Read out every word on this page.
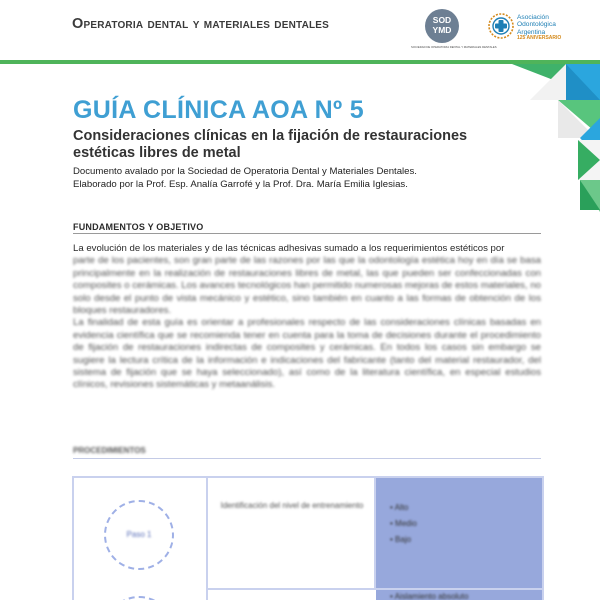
Operatoria dental y materiales dentales	SOD
YMD
SOCIEDAD DE OPERATORIA DENTAL Y MATERIALES DENTALES
Asociación
Odontológica
Argentina
125 ANIVERSARIO
GUÍA CLÍNICA AOA Nº 5
Consideraciones clínicas en la fijación de restauraciones estéticas libres de metal
Documento avalado por la Sociedad de Operatoria Dental y Materiales Dentales.
Elaborado por la Prof. Esp. Analía Garrofé y la Prof. Dra. María Emilia Iglesias.
FUNDAMENTOS Y OBJETIVO

La evolución de los materiales y de las técnicas adhesivas sumado a los requerimientos estéticos por

parte de los pacientes, son gran parte de las razones por las que la odontología estética hoy en día se basa principalmente en la realización de restauraciones libres de metal, las que pueden ser confeccionadas con composites o cerámicas. Los avances tecnológicos han permitido numerosas mejoras de estos materiales, no solo desde el punto de vista mecánico y estético, sino también en cuanto a las formas de obtención de los bloques restauradores.

La finalidad de esta guía es orientar a profesionales respecto de las consideraciones clínicas basadas en evidencia científica que se recomienda tener en cuenta para la toma de decisiones durante el procedimiento de fijación de restauraciones indirectas de composites y cerámicas. En todos los casos sin embargo se sugiere la lectura crítica de la información e indicaciones del fabricante (tanto del material restaurador, del sistema de fijación que se haya seleccionado), así como de la literatura científica, en especial estudios clínicos, revisiones sistemáticas y metaanálisis.

PROCEDIMIENTOS
Paso 1
Identificación del nivel de entrenamiento	• Alto
• Medio
• Bajo
• Aislamiento absoluto
